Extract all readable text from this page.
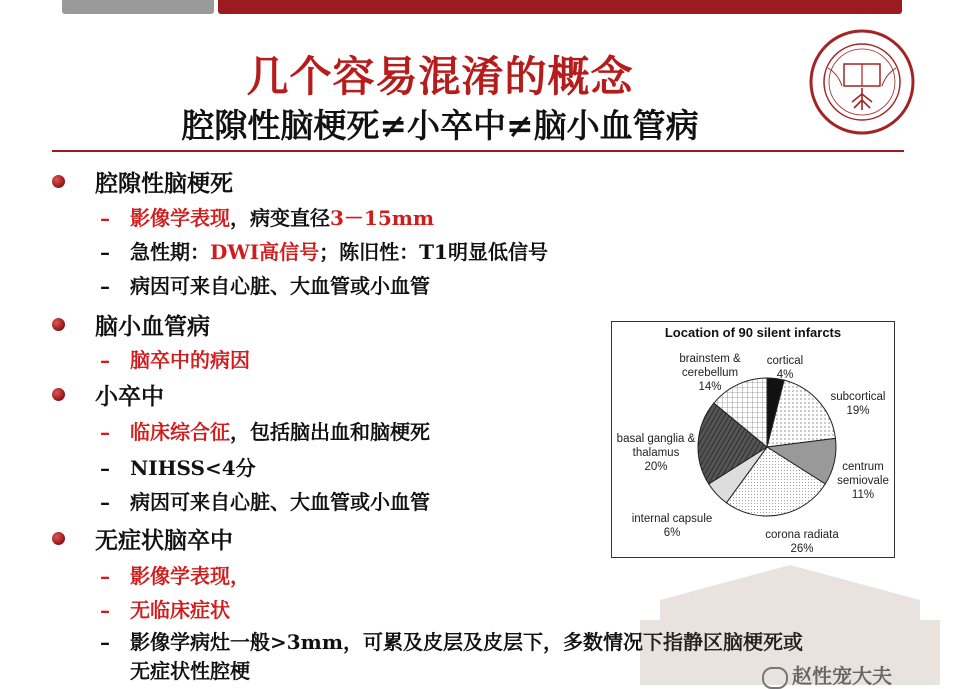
几个容易混淆的概念
腔隙性脑梗死≠小卒中≠脑小血管病
腔隙性脑梗死
– 影像学表现，病变直径3－15mm
– 急性期：DWI高信号；陈旧性：T1明显低信号
– 病因可来自心脏、大血管或小血管
脑小血管病
– 脑卒中的病因
小卒中
– 临床综合征，包括脑出血和脑梗死
– NIHSS<4分
– 病因可来自心脏、大血管或小血管
无症状脑卒中
– 影像学表现，
– 无临床症状
– 影像学病灶一般>3mm，可累及皮层及皮层下，多数情况下指静区脑梗死或
无症状性腔梗
Location of 90 silent infarcts
cortical
4%
subcortical
19%
centrum
semiovale
11%
corona radiata
26%
internal capsule
6%
basal ganglia &
thalamus
20%
brainstem &
cerebellum
14%
赵性宠大夫
